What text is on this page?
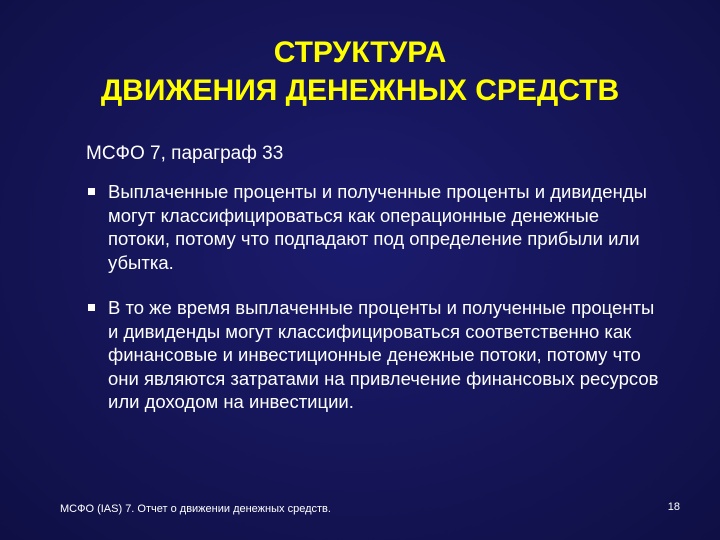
СТРУКТУРА
ДВИЖЕНИЯ ДЕНЕЖНЫХ СРЕДСТВ
МСФО 7, параграф 33
Выплаченные проценты и полученные проценты и дивиденды могут классифицироваться как операционные денежные потоки, потому что подпадают под определение прибыли или убытка.
В то же время выплаченные проценты и полученные проценты и дивиденды могут классифицироваться соответственно как финансовые и инвестиционные денежные потоки, потому что они являются затратами на привлечение финансовых ресурсов или доходом на инвестиции.
МСФО (IAS) 7. Отчет о движении денежных средств.	18
